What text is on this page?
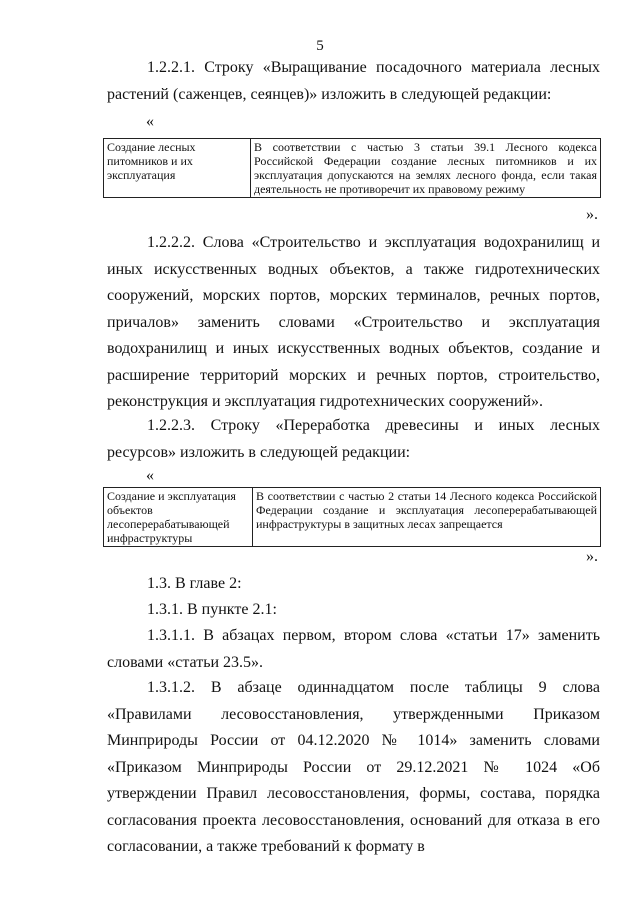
5
1.2.2.1. Строку «Выращивание посадочного материала лесных растений (саженцев, сеянцев)» изложить в следующей редакции:
«
Создание лесных питомников и их эксплуатация	В соответствии с частью 3 статьи 39.1 Лесного кодекса Российской Федерации создание лесных питомников и их эксплуатация допускаются на землях лесного фонда, если такая деятельность не противоречит их правовому режиму
».
1.2.2.2. Слова «Строительство и эксплуатация водохранилищ и иных искусственных водных объектов, а также гидротехнических сооружений, морских портов, морских терминалов, речных портов, причалов» заменить словами «Строительство и эксплуатация водохранилищ и иных искусственных водных объектов, создание и расширение территорий морских и речных портов, строительство, реконструкция и эксплуатация гидротехнических сооружений».
1.2.2.3. Строку «Переработка древесины и иных лесных ресурсов» изложить в следующей редакции:
«
Создание и эксплуатация объектов лесоперерабатывающей инфраструктуры	В соответствии с частью 2 статьи 14 Лесного кодекса Российской Федерации создание и эксплуатация лесоперерабатывающей инфраструктуры в защитных лесах запрещается
».
1.3. В главе 2:
1.3.1. В пункте 2.1:
1.3.1.1. В абзацах первом, втором слова «статьи 17» заменить словами «статьи 23.5».
1.3.1.2. В абзаце одиннадцатом после таблицы 9 слова «Правилами лесовосстановления, утвержденными Приказом Минприроды России от 04.12.2020 № 1014» заменить словами «Приказом Минприроды России от 29.12.2021 № 1024 «Об утверждении Правил лесовосстановления, формы, состава, порядка согласования проекта лесовосстановления, оснований для отказа в его согласовании, а также требований к формату в
